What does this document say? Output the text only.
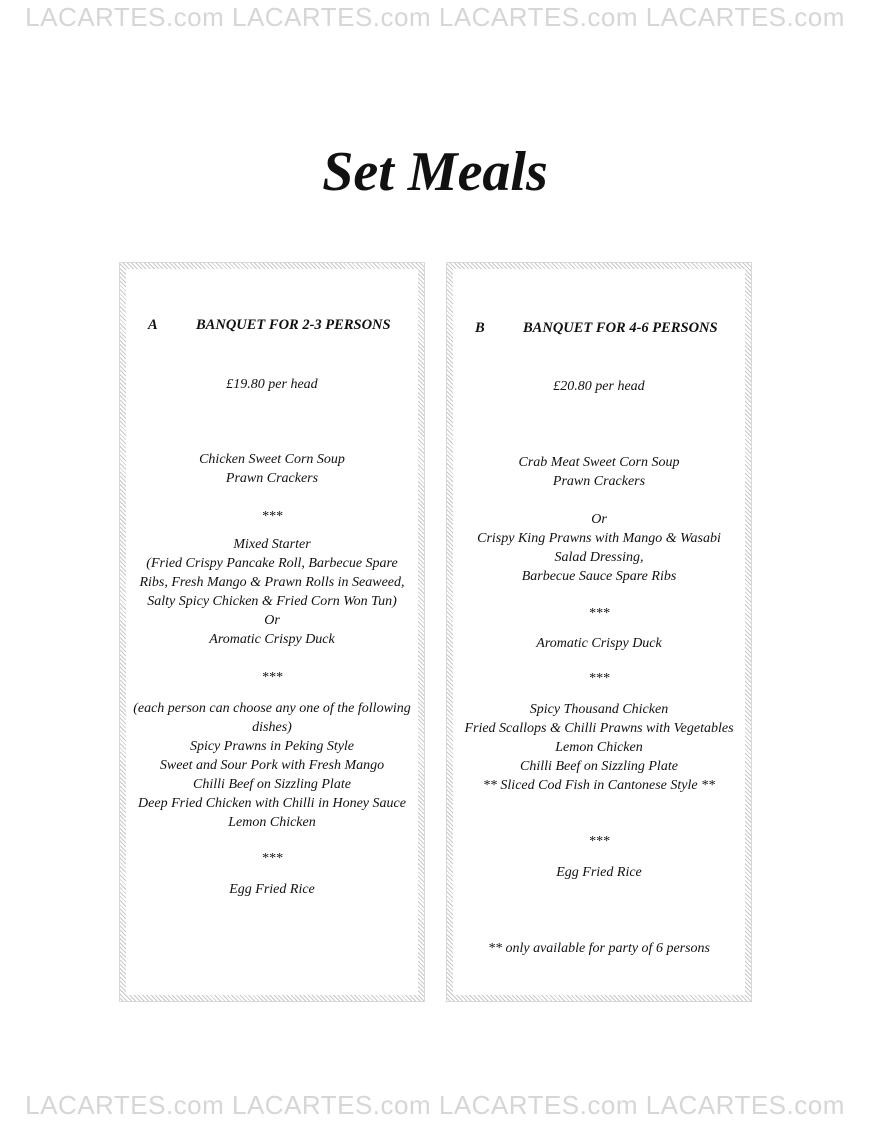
LACARTES.com LACARTES.com LACARTES.com LACARTES.com
Set Meals
A	BANQUET FOR 2-3 PERSONS
£19.80 per head
Chicken Sweet Corn Soup
Prawn Crackers
***
Mixed Starter
(Fried Crispy Pancake Roll, Barbecue Spare
Ribs, Fresh Mango & Prawn Rolls in Seaweed,
Salty Spicy Chicken & Fried Corn Won Tun)
Or
Aromatic Crispy Duck
***
(each person can choose any one of the following
dishes)
Spicy Prawns in Peking Style
Sweet and Sour Pork with Fresh Mango
Chilli Beef on Sizzling Plate
Deep Fried Chicken with Chilli in Honey Sauce
Lemon Chicken
***
Egg Fried Rice
B	BANQUET FOR 4-6 PERSONS
£20.80 per head
Crab Meat Sweet Corn Soup
Prawn Crackers
Or
Crispy King Prawns with Mango & Wasabi
Salad Dressing,
Barbecue Sauce Spare Ribs
***
Aromatic Crispy Duck
***
Spicy Thousand Chicken
Fried Scallops & Chilli Prawns with Vegetables
Lemon Chicken
Chilli Beef on Sizzling Plate
** Sliced Cod Fish in Cantonese Style **
***
Egg Fried Rice
** only available for party of 6 persons
LACARTES.com LACARTES.com LACARTES.com LACARTES.com
